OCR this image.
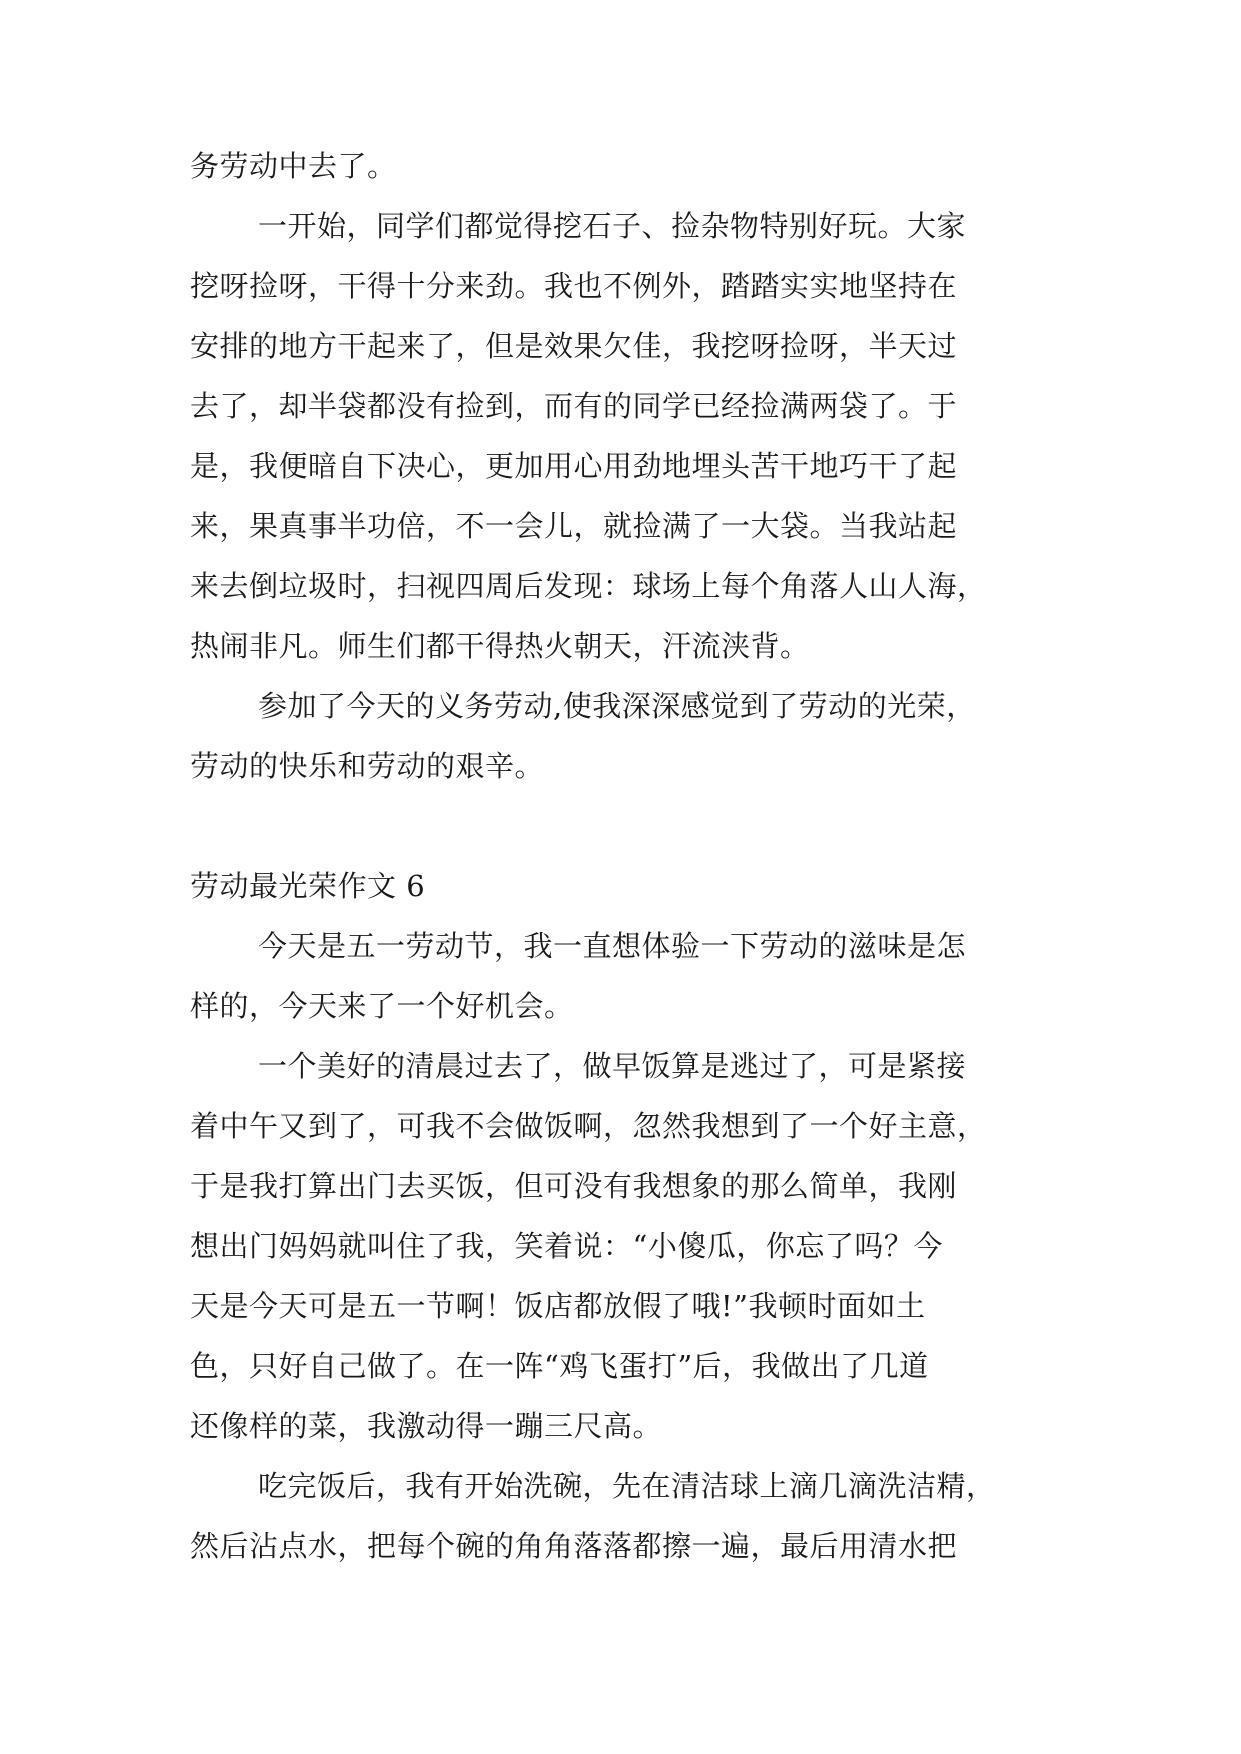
务劳动中去了。
一开始，同学们都觉得挖石子、捡杂物特别好玩。大家
挖呀捡呀，干得十分来劲。我也不例外，踏踏实实地坚持在
安排的地方干起来了，但是效果欠佳，我挖呀捡呀，半天过
去了，却半袋都没有捡到，而有的同学已经捡满两袋了。于
是，我便暗自下决心，更加用心用劲地埋头苦干地巧干了起
来，果真事半功倍，不一会儿，就捡满了一大袋。当我站起
来去倒垃圾时，扫视四周后发现：球场上每个角落人山人海，
热闹非凡。师生们都干得热火朝天，汗流浃背。
参加了今天的义务劳动,使我深深感觉到了劳动的光荣，
劳动的快乐和劳动的艰辛。
劳动最光荣作文 6
今天是五一劳动节，我一直想体验一下劳动的滋味是怎
样的，今天来了一个好机会。
一个美好的清晨过去了，做早饭算是逃过了，可是紧接
着中午又到了，可我不会做饭啊，忽然我想到了一个好主意，
于是我打算出门去买饭，但可没有我想象的那么简单，我刚
想出门妈妈就叫住了我，笑着说：“小傻瓜，你忘了吗？今
天是今天可是五一节啊！饭店都放假了哦!”我顿时面如土
色，只好自己做了。在一阵“鸡飞蛋打”后，我做出了几道
还像样的菜，我激动得一蹦三尺高。
吃完饭后，我有开始洗碗，先在清洁球上滴几滴洗洁精，
然后沾点水，把每个碗的角角落落都擦一遍，最后用清水把
